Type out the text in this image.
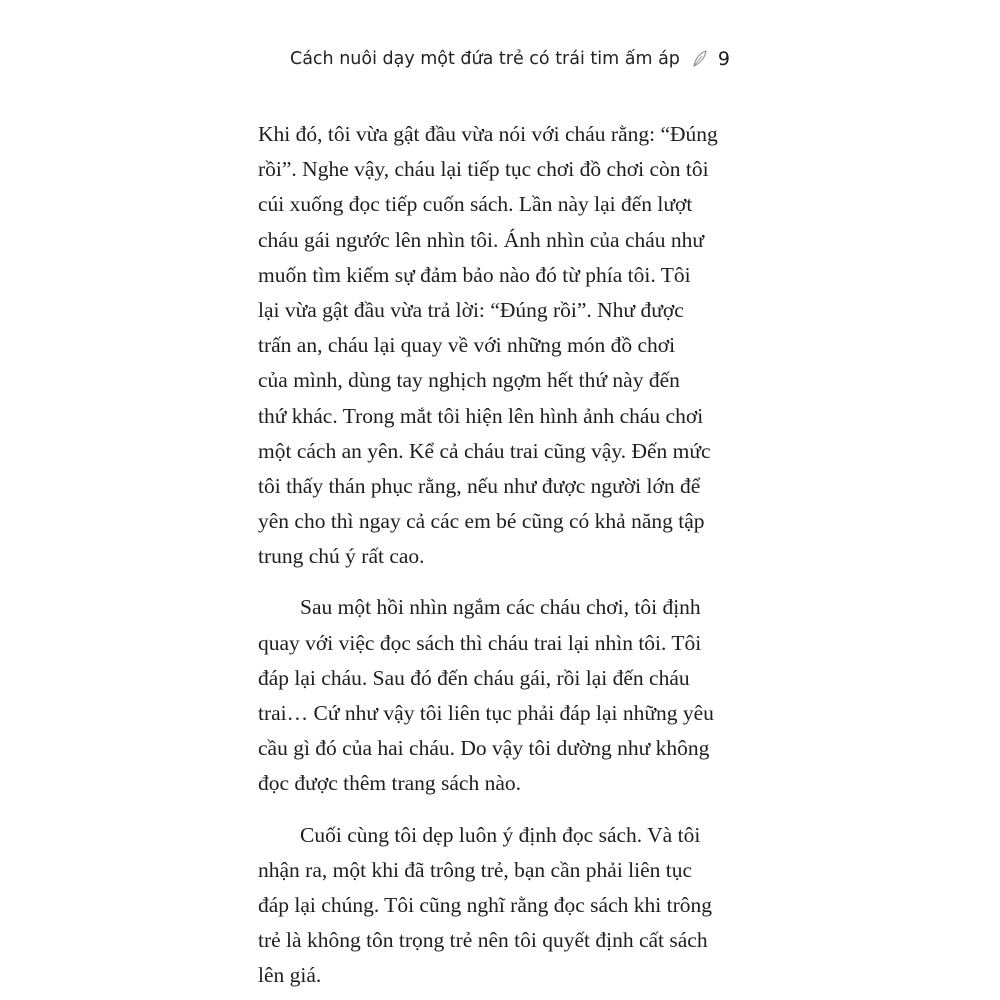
Cách nuôi dạy một đứa trẻ có trái tim ấm áp 9
Khi đó, tôi vừa gật đầu vừa nói với cháu rằng: “Đúng
rồi”. Nghe vậy, cháu lại tiếp tục chơi đồ chơi còn tôi
cúi xuống đọc tiếp cuốn sách. Lần này lại đến lượt
cháu gái ngước lên nhìn tôi. Ánh nhìn của cháu như
muốn tìm kiếm sự đảm bảo nào đó từ phía tôi. Tôi
lại vừa gật đầu vừa trả lời: “Đúng rồi”. Như được
trấn an, cháu lại quay về với những món đồ chơi
của mình, dùng tay nghịch ngợm hết thứ này đến
thứ khác. Trong mắt tôi hiện lên hình ảnh cháu chơi
một cách an yên. Kể cả cháu trai cũng vậy. Đến mức
tôi thấy thán phục rằng, nếu như được người lớn để
yên cho thì ngay cả các em bé cũng có khả năng tập
trung chú ý rất cao.
Sau một hồi nhìn ngắm các cháu chơi, tôi định
quay với việc đọc sách thì cháu trai lại nhìn tôi. Tôi
đáp lại cháu. Sau đó đến cháu gái, rồi lại đến cháu
trai… Cứ như vậy tôi liên tục phải đáp lại những yêu
cầu gì đó của hai cháu. Do vậy tôi dường như không
đọc được thêm trang sách nào.
Cuối cùng tôi dẹp luôn ý định đọc sách. Và tôi
nhận ra, một khi đã trông trẻ, bạn cần phải liên tục
đáp lại chúng. Tôi cũng nghĩ rằng đọc sách khi trông
trẻ là không tôn trọng trẻ nên tôi quyết định cất sách
lên giá.
